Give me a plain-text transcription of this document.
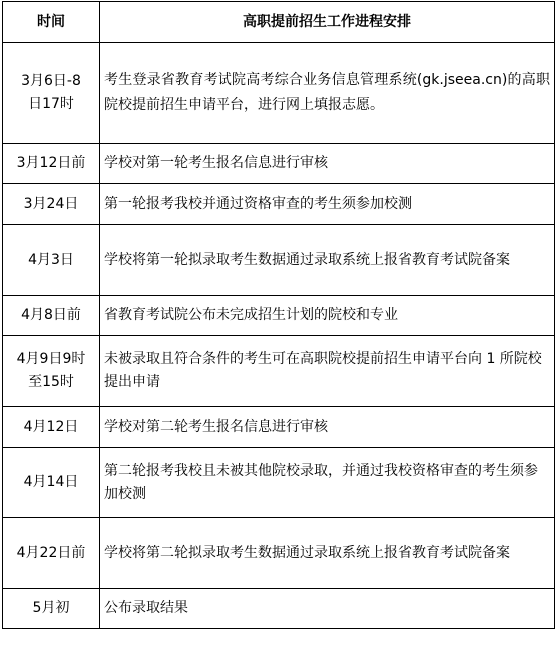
时间	高职提前招生工作进程安排
3月6日-8日17时	考生登录省教育考试院高考综合业务信息管理系统(gk.jseea.cn)的高职院校提前招生申请平台，进行网上填报志愿。
3月12日前	学校对第一轮考生报名信息进行审核
3月24日	第一轮报考我校并通过资格审查的考生须参加校测
4月3日	学校将第一轮拟录取考生数据通过录取系统上报省教育考试院备案
4月8日前	省教育考试院公布未完成招生计划的院校和专业
4月9日9时至15时	未被录取且符合条件的考生可在高职院校提前招生申请平台向 1 所院校提出申请
4月12日	学校对第二轮考生报名信息进行审核
4月14日	第二轮报考我校且未被其他院校录取，并通过我校资格审查的考生须参加校测
4月22日前	学校将第二轮拟录取考生数据通过录取系统上报省教育考试院备案
5月初	公布录取结果
